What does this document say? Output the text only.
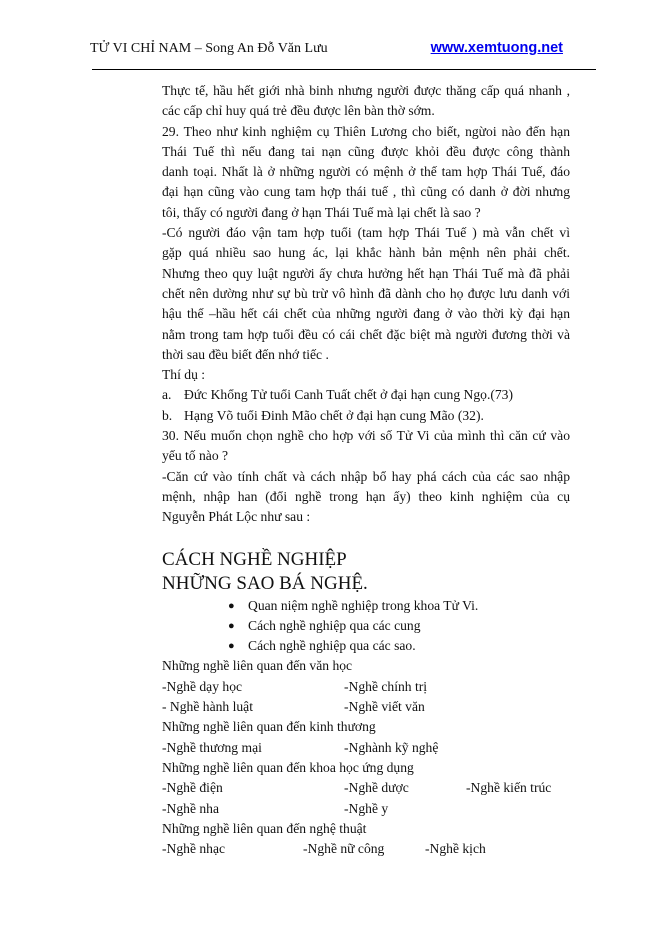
TỬ VI CHỈ NAM – Song An Đỗ Văn Lưu	www.xemtuong.net
Thực tế, hầu hết giới nhà binh nhưng người được thăng cấp quá nhanh ,
các cấp chỉ huy quá trẻ đều được lên bàn thờ sớm.
29. Theo như kinh nghiệm cụ Thiên Lương cho biết, ngừoi nào đến hạn
Thái Tuế thì nếu đang tai nạn cũng được khỏi đều được công thành
danh toại. Nhất là ở những người có mệnh ở thế tam hợp Thái Tuế, đáo
đại hạn cũng vào cung tam hợp thái tuế , thì cũng có danh ở đời nhưng
tôi, thấy có người đang ở hạn Thái Tuế mà lại chết là sao ?
-Có người đáo vận tam hợp tuổi (tam hợp Thái Tuế ) mà vẫn chết vì
gặp quá nhiều sao hung ác, lại khắc hành bản mệnh nên phải chết.
Nhưng theo quy luật người ấy chưa hưởng hết hạn Thái Tuế mà đã phải
chết nên dường như sự bù trừ vô hình đã dành cho họ được lưu danh với
hậu thế –hầu hết cái chết của những người đang ở vào thời kỳ đại hạn
nằm trong tam hợp tuổi đều có cái chết đặc biệt mà người đương thời và
thời sau đều biết đến nhớ tiếc .
Thí dụ :
a. Đức Khổng Tử tuổi Canh Tuất chết ở đại hạn cung Ngọ.(73)
b. Hạng Võ tuổi Đinh Mão chết ở đại hạn cung Mão (32).
30. Nếu muốn chọn nghề cho hợp với số Tử Vi của mình thì căn cứ vào
yếu tố nào ?
-Căn cứ vào tính chất và cách nhập bổ hay phá cách của các sao nhập
mệnh, nhập han (đổi nghề trong hạn ấy) theo kinh nghiệm của cụ
Nguyễn Phát Lộc như sau :
CÁCH NGHỀ NGHIỆP
NHỮNG SAO BÁ NGHỆ.
● Quan niệm nghề nghiệp trong khoa Tử Vi.
● Cách nghề nghiệp qua các cung
● Cách nghề nghiệp qua các sao.
Những nghề liên quan đến văn học
-Nghề dạy học	-Nghề chính trị
- Nghề hành luật	-Nghề viết văn
Những nghề liên quan đến kinh thương
-Nghề thương mại	-Nghành kỹ nghệ
Những nghề liên quan đến khoa học ứng dụng
-Nghề điện	-Nghề dược	-Nghề kiến trúc
-Nghề nha	-Nghề y
Những nghề liên quan đến nghệ thuật
-Nghề nhạc	-Nghề nữ công	-Nghề kịch
